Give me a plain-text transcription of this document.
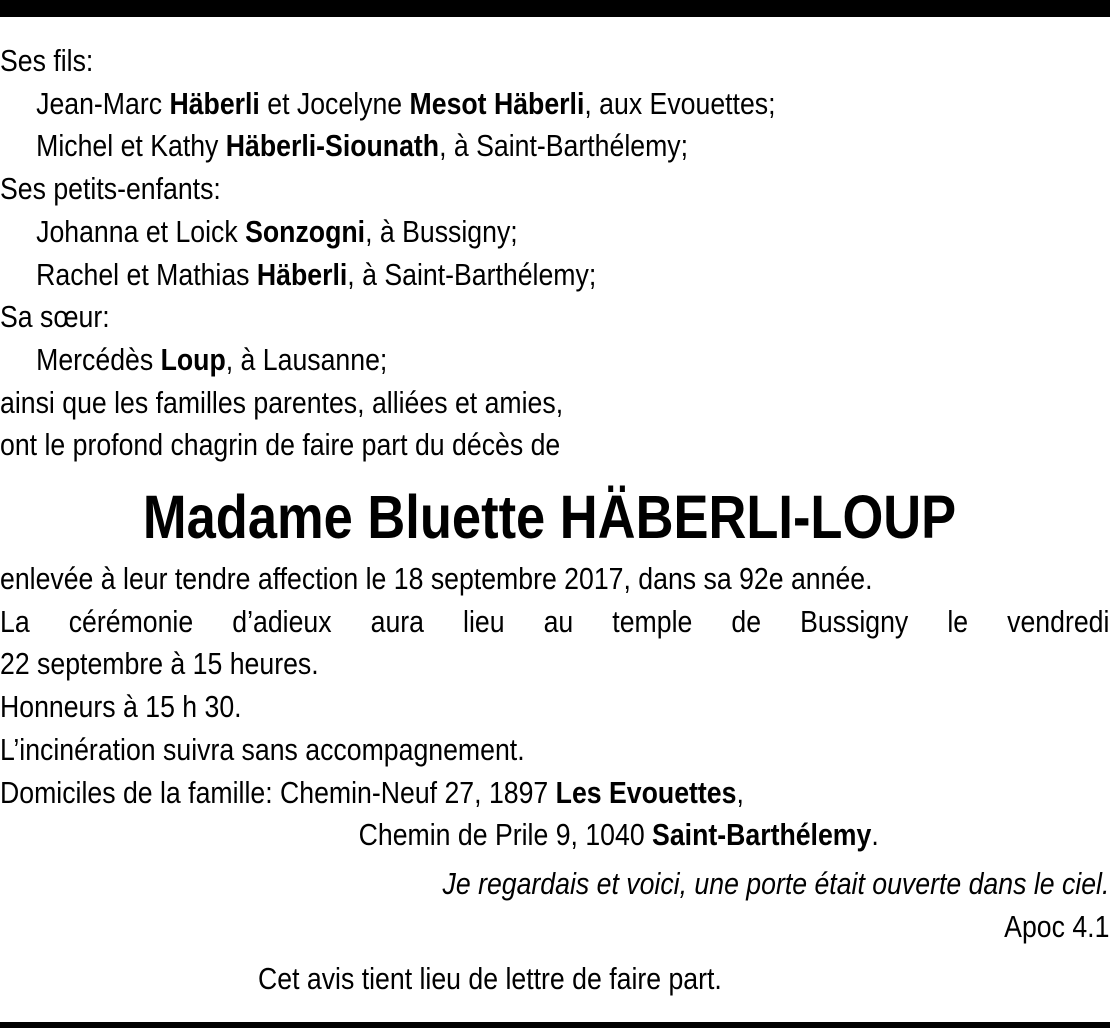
Ses fils:
Jean-Marc Häberli et Jocelyne Mesot Häberli, aux Evouettes;
Michel et Kathy Häberli-Siounath, à Saint-Barthélemy;
Ses petits-enfants:
Johanna et Loick Sonzogni, à Bussigny;
Rachel et Mathias Häberli, à Saint-Barthélemy;
Sa sœur:
Mercédès Loup, à Lausanne;
ainsi que les familles parentes, alliées et amies,
ont le profond chagrin de faire part du décès de
Madame Bluette HÄBERLI-LOUP
enlevée à leur tendre affection le 18 septembre 2017, dans sa 92e année.
La cérémonie d’adieux aura lieu au temple de Bussigny le vendredi
22 septembre à 15 heures.
Honneurs à 15 h 30.
L’incinération suivra sans accompagnement.
Domiciles de la famille: Chemin-Neuf 27, 1897 Les Evouettes,
Chemin de Prile 9, 1040 Saint-Barthélemy.
Je regardais et voici, une porte était ouverte dans le ciel.
Apoc 4.1
Cet avis tient lieu de lettre de faire part.
